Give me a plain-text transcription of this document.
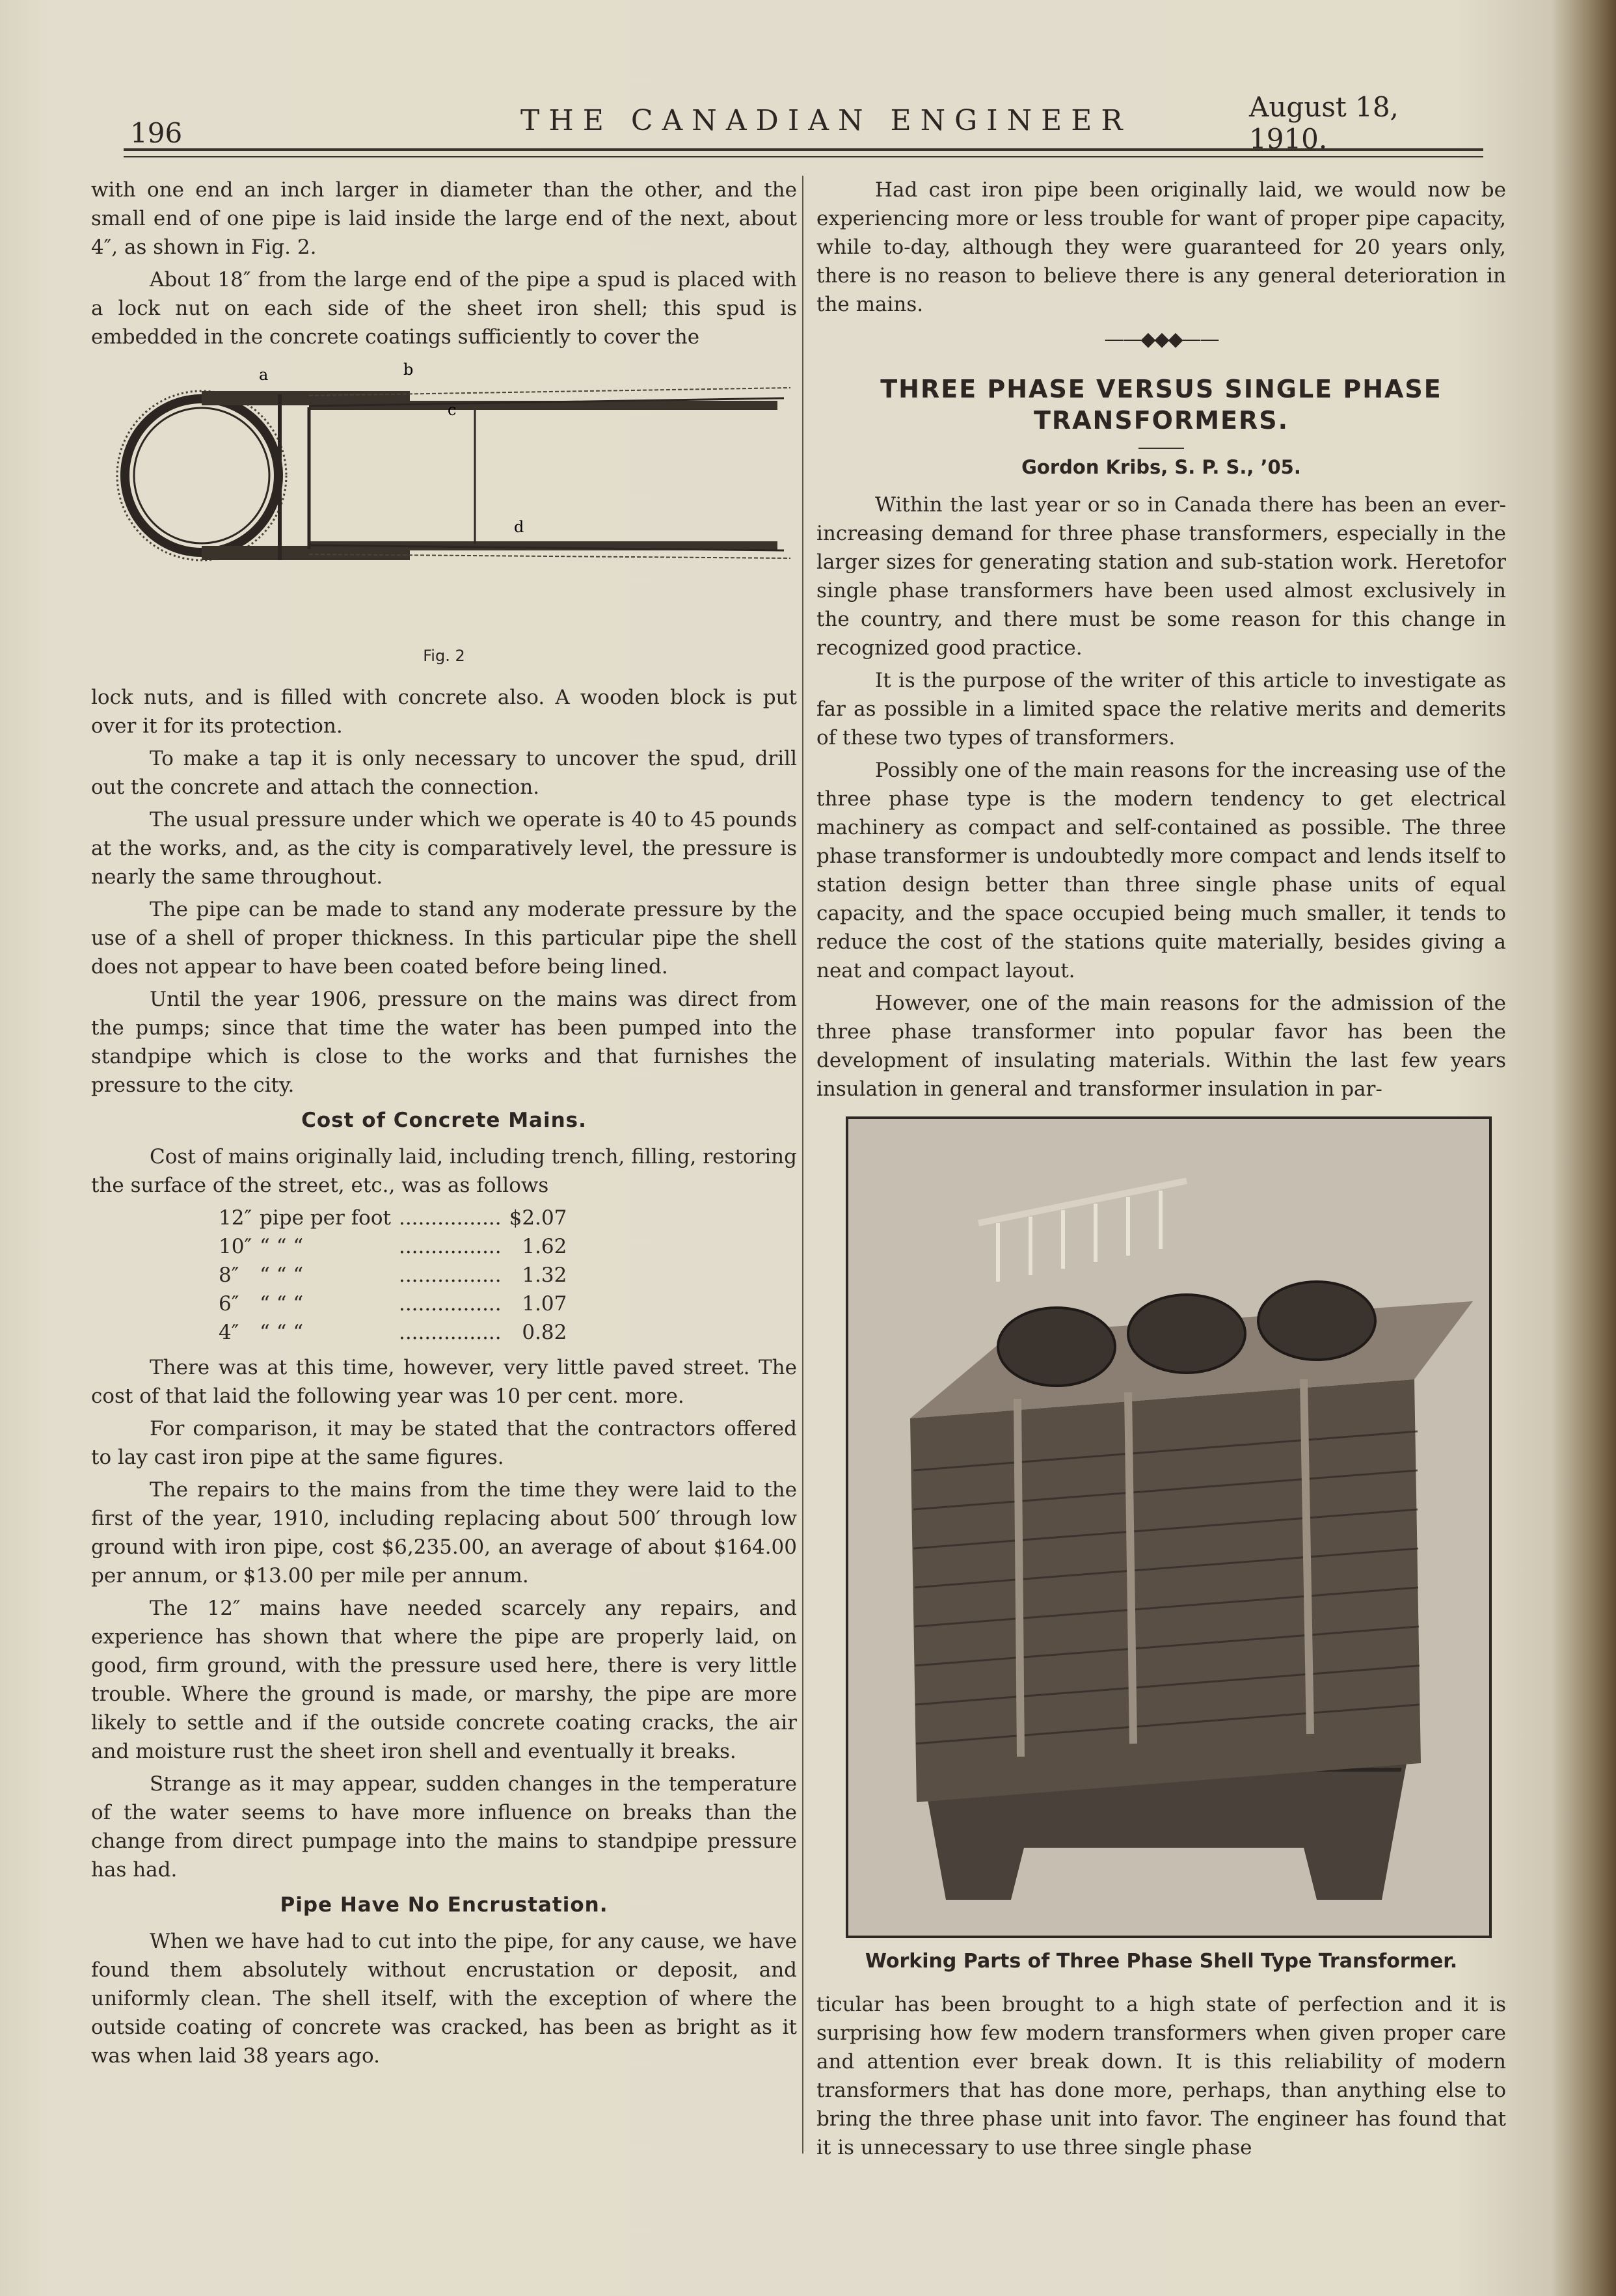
196	THE CANADIAN ENGINEER	August 18, 1910.

with one end an inch larger in diameter than the other, and the small end of one pipe is laid inside the large end of the next, about 4″, as shown in Fig. 2.

About 18″ from the large end of the pipe a spud is placed with a lock nut on each side of the sheet iron shell; this spud is embedded in the concrete coatings sufficiently to cover the

a	b
c
d
Fig. 2

lock nuts, and is filled with concrete also. A wooden block is put over it for its protection.

To make a tap it is only necessary to uncover the spud, drill out the concrete and attach the connection.

The usual pressure under which we operate is 40 to 45 pounds at the works, and, as the city is comparatively level, the pressure is nearly the same throughout.

The pipe can be made to stand any moderate pressure by the use of a shell of proper thickness. In this particular pipe the shell does not appear to have been coated before being lined.

Until the year 1906, pressure on the mains was direct from the pumps; since that time the water has been pumped into the standpipe which is close to the works and that furnishes the pressure to the city.

Cost of Concrete Mains.

Cost of mains originally laid, including trench, filling, restoring the surface of the street, etc., was as follows

12″	pipe per foot	................	$2.07
10″	“ “ “	................	1.62
8″	“ “ “	................	1.32
6″	“ “ “	................	1.07
4″	“ “ “	................	0.82

There was at this time, however, very little paved street. The cost of that laid the following year was 10 per cent. more.

For comparison, it may be stated that the contractors offered to lay cast iron pipe at the same figures.

The repairs to the mains from the time they were laid to the first of the year, 1910, including replacing about 500′ through low ground with iron pipe, cost $6,235.00, an average of about $164.00 per annum, or $13.00 per mile per annum.

The 12″ mains have needed scarcely any repairs, and experience has shown that where the pipe are properly laid, on good, firm ground, with the pressure used here, there is very little trouble. Where the ground is made, or marshy, the pipe are more likely to settle and if the outside concrete coating cracks, the air and moisture rust the sheet iron shell and eventually it breaks.

Strange as it may appear, sudden changes in the temperature of the water seems to have more influence on breaks than the change from direct pumpage into the mains to standpipe pressure has had.

Pipe Have No Encrustation.

When we have had to cut into the pipe, for any cause, we have found them absolutely without encrustation or deposit, and uniformly clean. The shell itself, with the exception of where the outside coating of concrete was cracked, has been as bright as it was when laid 38 years ago.

Had cast iron pipe been originally laid, we would now be experiencing more or less trouble for want of proper pipe capacity, while to-day, although they were guaranteed for 20 years only, there is no reason to believe there is any general deterioration in the mains.

——◆◆◆——
THREE PHASE VERSUS SINGLE PHASE TRANSFORMERS.
Gordon Kribs, S. P. S., ’05.

Within the last year or so in Canada there has been an ever-increasing demand for three phase transformers, especially in the larger sizes for generating station and sub-station work. Heretofor single phase transformers have been used almost exclusively in the country, and there must be some reason for this change in recognized good practice.

It is the purpose of the writer of this article to investigate as far as possible in a limited space the relative merits and demerits of these two types of transformers.

Possibly one of the main reasons for the increasing use of the three phase type is the modern tendency to get electrical machinery as compact and self-contained as possible. The three phase transformer is undoubtedly more compact and lends itself to station design better than three single phase units of equal capacity, and the space occupied being much smaller, it tends to reduce the cost of the stations quite materially, besides giving a neat and compact layout.

However, one of the main reasons for the admission of the three phase transformer into popular favor has been the development of insulating materials. Within the last few years insulation in general and transformer insulation in par-

Working Parts of Three Phase Shell Type Transformer.

ticular has been brought to a high state of perfection and it is surprising how few modern transformers when given proper care and attention ever break down. It is this reliability of modern transformers that has done more, perhaps, than anything else to bring the three phase unit into favor. The engineer has found that it is unnecessary to use three single phase
